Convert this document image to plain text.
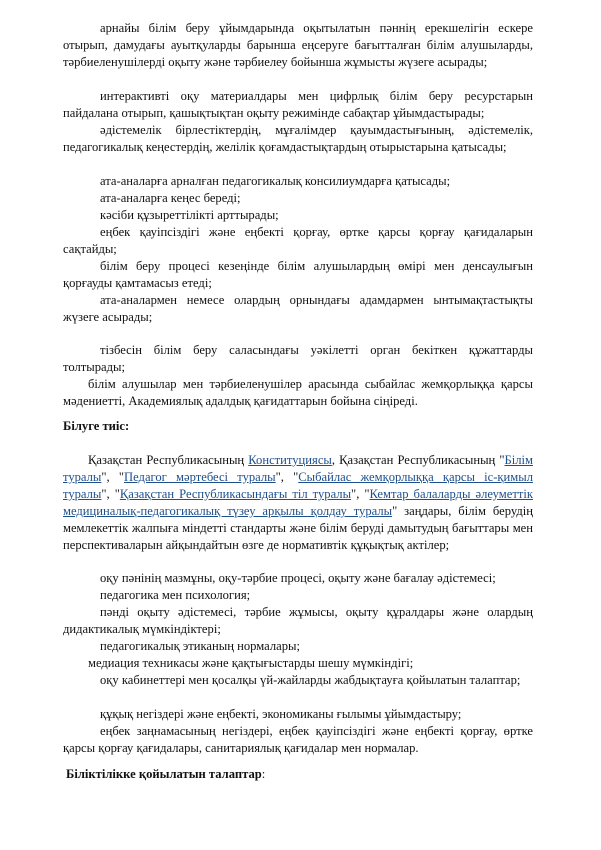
арнайы білім беру ұйымдарында оқытылатын пәннің ерекшелігін ескере отырып, дамудағы ауытқуларды барынша еңсеруге бағытталған білім алушыларды, тәрбиеленушілерді оқыту және тәрбиелеу бойынша жұмысты жүзеге асырады;

интерактивті оқу материалдары мен цифрлық білім беру ресурстарын пайдалана отырып, қашықтықтан оқыту режимінде сабақтар ұйымдастырады;

әдістемелік бірлестіктердің, мұғалімдер қауымдастығының, әдістемелік, педагогикалық кеңестердің, желілік қоғамдастықтардың отырыстарына қатысады;

ата-аналарға арналған педагогикалық консилиумдарға қатысады;

ата-аналарға кеңес береді;

кәсіби құзыреттілікті арттырады;

еңбек қауіпсіздігі және еңбекті қорғау, өртке қарсы қорғау қағидаларын сақтайды;

білім беру процесі кезеңінде білім алушылардың өмірі мен денсаулығын қорғауды қамтамасыз етеді;

ата-аналармен немесе олардың орнындағы адамдармен ынтымақтастықты жүзеге асырады;

тізбесін білім беру саласындағы уәкілетті орган бекіткен құжаттарды толтырады;

білім алушылар мен тәрбиеленушілер арасында сыбайлас жемқорлыққа қарсы мәдениетті, Академиялық адалдық қағидаттарын бойына сіңіреді.

Білуге тиіс:

Қазақстан Республикасының Конституциясы, Қазақстан Республикасының "Білім туралы", "Педагог мәртебесі туралы", "Сыбайлас жемқорлыққа қарсы іс-қимыл туралы", "Қазақстан Республикасындағы тіл туралы", "Кемтар балаларды әлеуметтік медициналық-педагогикалық түзеу арқылы қолдау туралы" заңдары, білім берудің мемлекеттік жалпыға міндетті стандарты және білім беруді дамытудың бағыттары мен перспективаларын айқындайтын өзге де нормативтік құқықтық актілер;

оқу пәнінің мазмұны, оқу-тәрбие процесі, оқыту және бағалау әдістемесі;

педагогика мен психология;

пәнді оқыту әдістемесі, тәрбие жұмысы, оқыту құралдары және олардың дидактикалық мүмкіндіктері;

педагогикалық этиканың нормалары;

медиация техникасы және қақтығыстарды шешу мүмкіндігі;

оқу кабинеттері мен қосалқы үй-жайларды жабдықтауға қойылатын талаптар;

құқық негіздері және еңбекті, экономиканы ғылымы ұйымдастыру;

еңбек заңнамасының негіздері, еңбек қауіпсіздігі және еңбекті қорғау, өртке қарсы қорғау қағидалары, санитариялық қағидалар мен нормалар.

Біліктілікке қойылатын талаптар:
